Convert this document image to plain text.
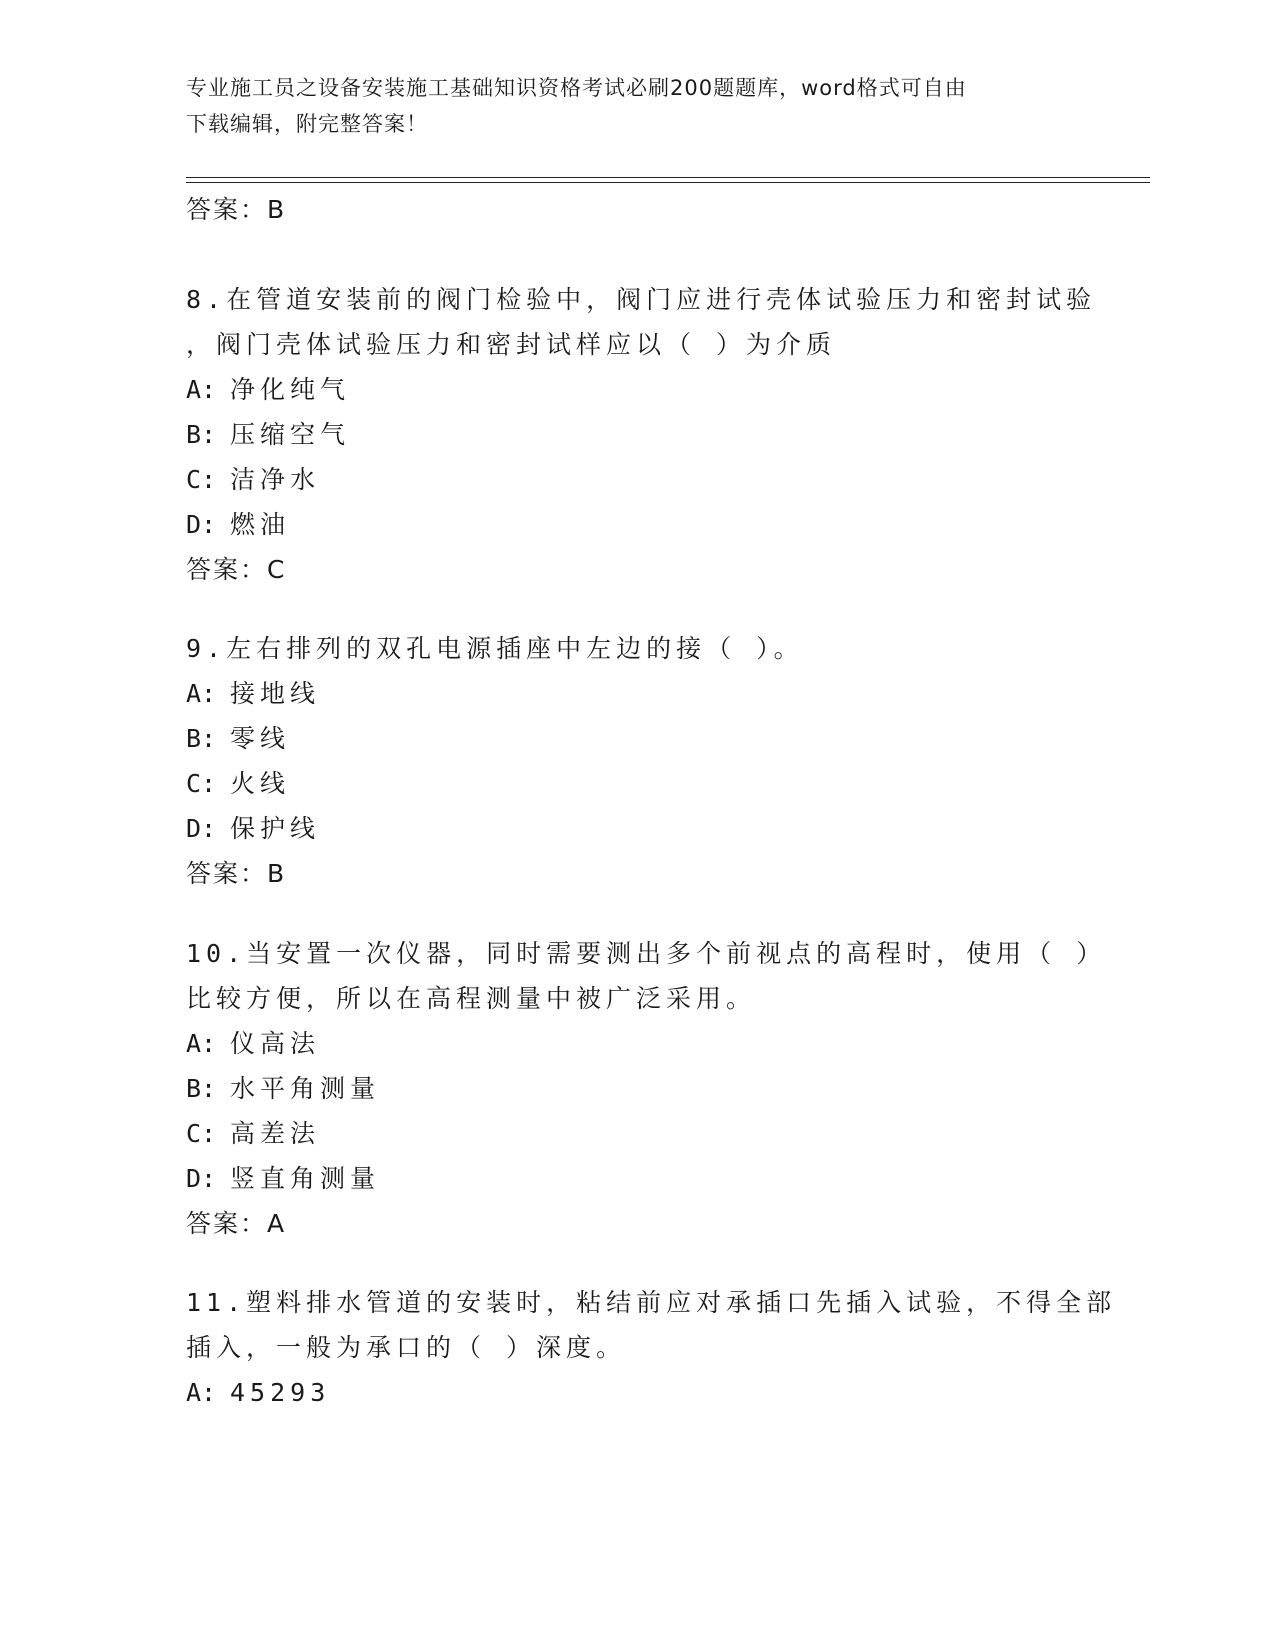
专业施工员之设备安装施工基础知识资格考试必刷200题题库，word格式可自由
下载编辑，附完整答案！
答案：B
8.在管道安装前的阀门检验中，阀门应进行壳体试验压力和密封试验
，阀门壳体试验压力和密封试样应以（ ）为介质
A: 净化纯气
B: 压缩空气
C: 洁净水
D: 燃油
答案：C
9.左右排列的双孔电源插座中左边的接（ ）。
A: 接地线
B: 零线
C: 火线
D: 保护线
答案：B
10.当安置一次仪器，同时需要测出多个前视点的高程时，使用（ ）
比较方便，所以在高程测量中被广泛采用。
A: 仪高法
B: 水平角测量
C: 高差法
D: 竖直角测量
答案：A
11.塑料排水管道的安装时，粘结前应对承插口先插入试验，不得全部
插入，一般为承口的（ ）深度。
A: 45293
